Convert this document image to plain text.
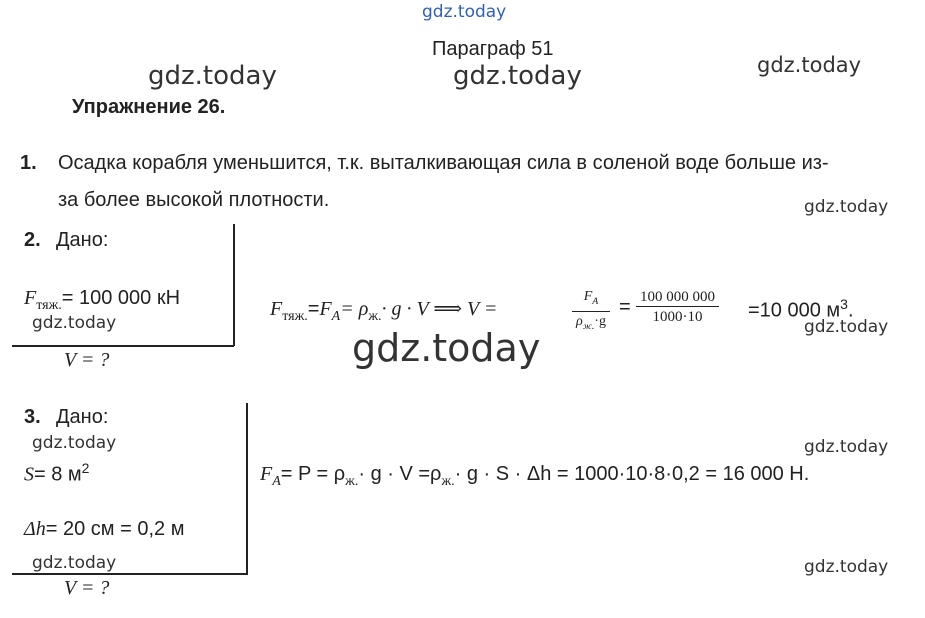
gdz.today
gdz.today	gdz.today	gdz.today
gdz.today
gdz.today
gdz.today	gdz.today
gdz.today	gdz.today
gdz.today	gdz.today
Параграф 51
Упражнение 26.
1. Осадка корабля уменьшится, т.к. выталкивающая сила в соленой воде больше из-
за более высокой плотности.
2. Дано:
$F_{тяж.}= 100$ 000 кН
V = ?
$F_{тяж.}=F_A= \rho_{ж.}\cdot g \cdot V$ ⟹ V =	$\frac{F_A}{\rho_{ж.}\cdot g} = \frac{100 000 000}{1000\cdot 10} =10$ 000 $м^3$.
3. Дано:
S= 8 $м^2$
Δh= 20 см = 0,2 м
V = ?
$F_A= P = \rho_{ж.}\cdot g \cdot V =\rho_{ж.}\cdot g \cdot S \cdot \Delta h = 1000\cdot 10\cdot 8\cdot 0,2 = 16$ 000 Н.
